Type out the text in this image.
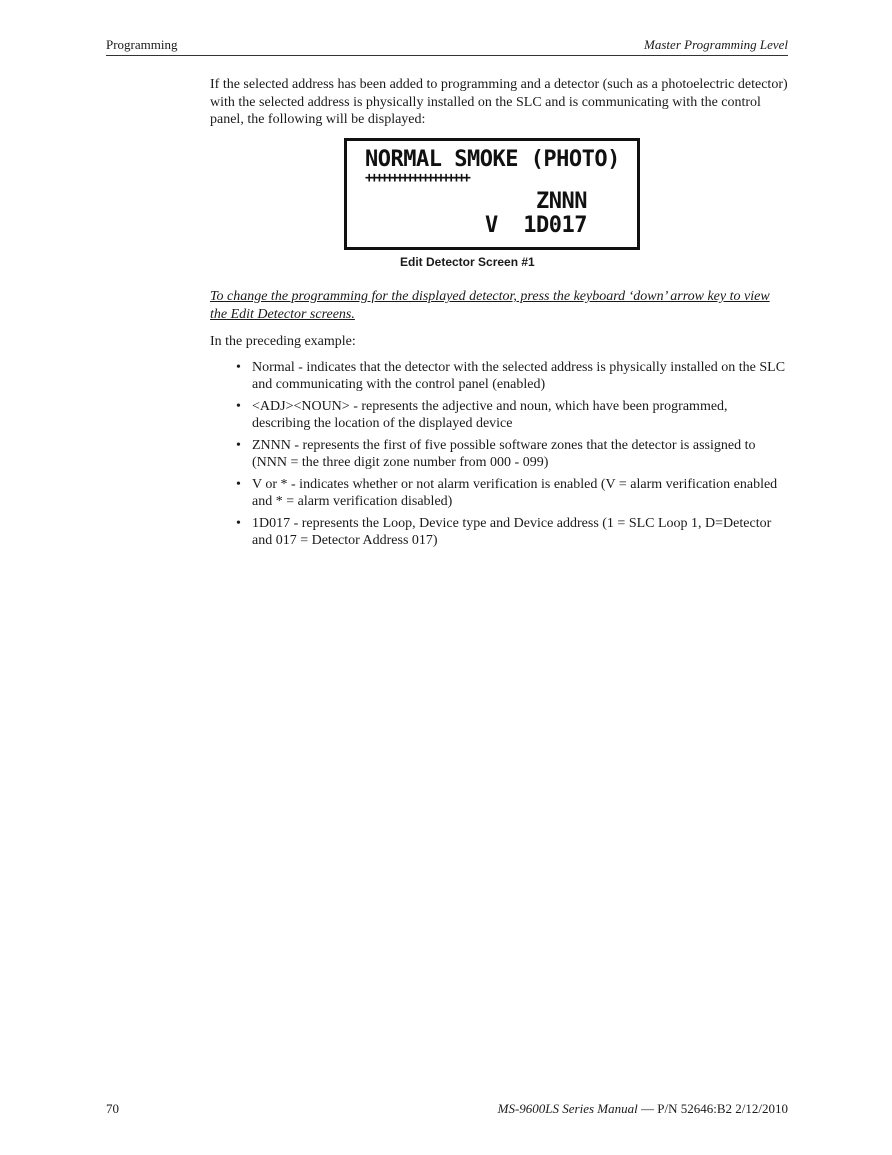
Programming	Master Programming Level

If the selected address has been added to programming and a detector (such as a photoelectric detector) with the selected address is physically installed on the SLC and is communicating with the control panel, the following will be displayed:

NORMAL SMOKE (PHOTO)
++++++++++++++++++++
ZNNN
V  1D017
Edit Detector Screen #1

To change the programming for the displayed detector, press the keyboard ‘down’ arrow key to view the Edit Detector screens.

In the preceding example:

• Normal - indicates that the detector with the selected address is physically installed on the SLC and communicating with the control panel (enabled)
• <ADJ><NOUN> - represents the adjective and noun, which have been programmed, describing the location of the displayed device
• ZNNN - represents the first of five possible software zones that the detector is assigned to (NNN = the three digit zone number from 000 - 099)
• V or * - indicates whether or not alarm verification is enabled (V = alarm verification enabled and * = alarm verification disabled)
• 1D017 - represents the Loop, Device type and Device address (1 = SLC Loop 1, D=Detector and 017 = Detector Address 017)
70	MS-9600LS Series Manual — P/N 52646:B2 2/12/2010
